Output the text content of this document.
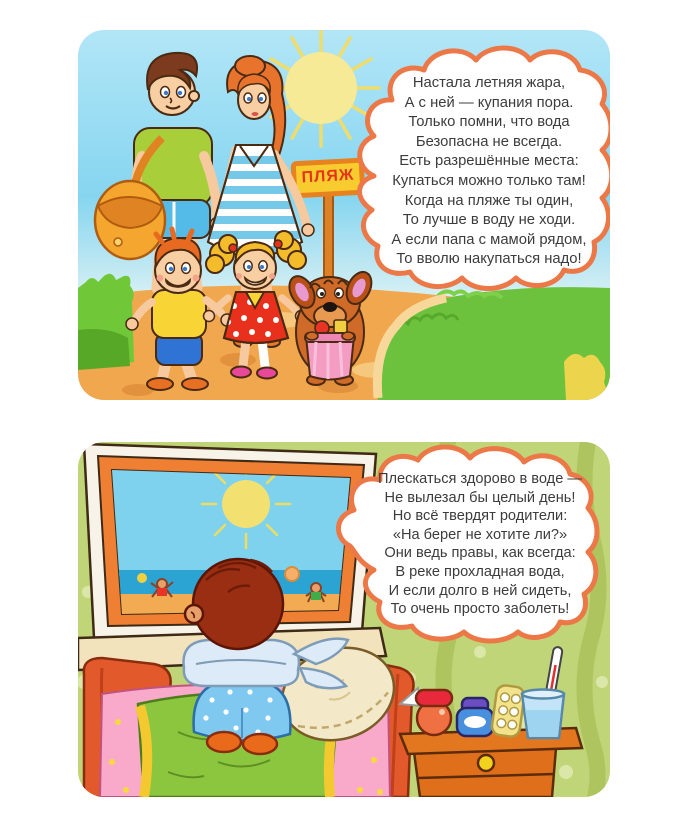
Настала летняя жара,
А с ней — купания пора.
Только помни, что вода
Безопасна не всегда.
Есть разрешённые места:
Купаться можно только там!
Когда на пляже ты один,
То лучше в воду не ходи.
А если папа с мамой рядом,
То вволю накупаться надо!
ПЛЯЖ
Плескаться здорово в воде —
Не вылезал бы целый день!
Но всё твердят родители:
«На берег не хотите ли?»
Они ведь правы, как всегда:
В реке прохладная вода,
И если долго в ней сидеть,
То очень просто заболеть!
